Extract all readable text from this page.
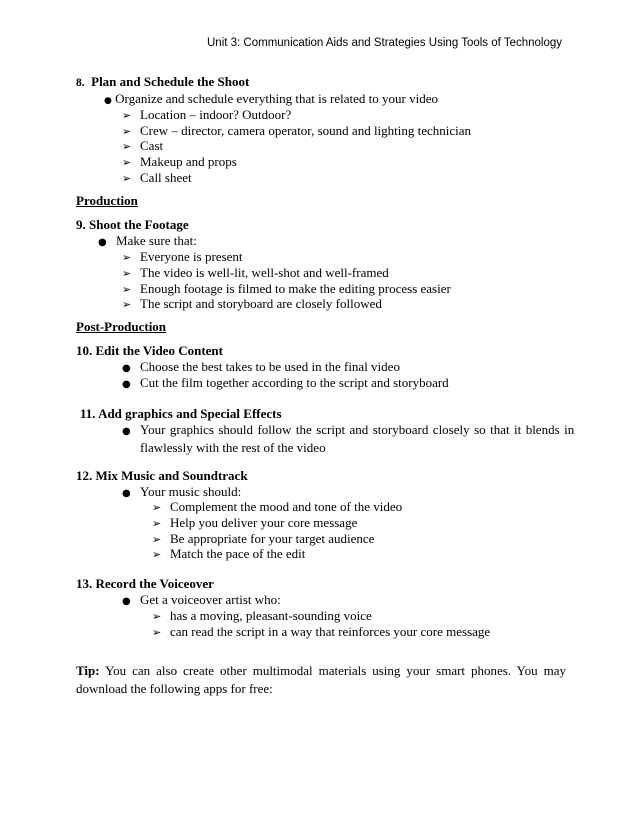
Unit 3: Communication Aids and Strategies Using Tools of Technology
8. Plan and Schedule the Shoot
● Organize and schedule everything that is related to your video
➢ Location – indoor? Outdoor?
➢ Crew – director, camera operator, sound and lighting technician
➢ Cast
➢ Makeup and props
➢ Call sheet
Production
9. Shoot the Footage
● Make sure that:
➢ Everyone is present
➢ The video is well-lit, well-shot and well-framed
➢ Enough footage is filmed to make the editing process easier
➢ The script and storyboard are closely followed
Post-Production
10. Edit the Video Content
● Choose the best takes to be used in the final video
● Cut the film together according to the script and storyboard
11. Add graphics and Special Effects
● Your graphics should follow the script and storyboard closely so that it blends in
flawlessly with the rest of the video
12. Mix Music and Soundtrack
● Your music should:
➢ Complement the mood and tone of the video
➢ Help you deliver your core message
➢ Be appropriate for your target audience
➢ Match the pace of the edit
13. Record the Voiceover
● Get a voiceover artist who:
➢ has a moving, pleasant-sounding voice
➢ can read the script in a way that reinforces your core message
Tip: You can also create other multimodal materials using your smart phones. You may download the following apps for free:
